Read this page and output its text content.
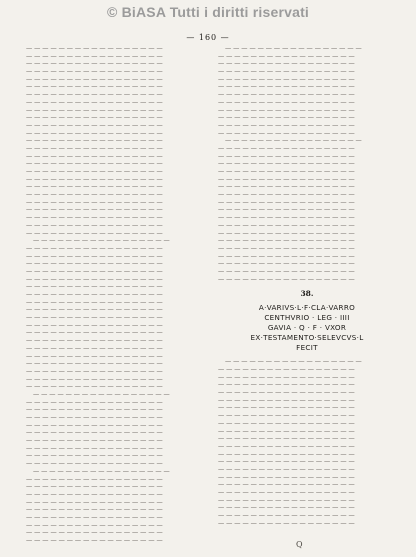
© BiASA Tutti i diritti riservati
— 160 —
— — — — — — — — — — — — — — — — —
— — — — — — — — — — — — — — — — —
— — — — — — — — — — — — — — — — —
— — — — — — — — — — — — — — — — —
— — — — — — — — — — — — — — — — —
— — — — — — — — — — — — — — — — —
— — — — — — — — — — — — — — — — —
— — — — — — — — — — — — — — — — —
— — — — — — — — — — — — — — — — —
— — — — — — — — — — — — — — — — —
— — — — — — — — — — — — — — — — —
— — — — — — — — — — — — — — — — —
— — — — — — — — — — — — — — — — —
— — — — — — — — — — — — — — — — —
— — — — — — — — — — — — — — — — —
— — — — — — — — — — — — — — — — —
— — — — — — — — — — — — — — — — —
— — — — — — — — — — — — — — — — —
— — — — — — — — — — — — — — — — —
— — — — — — — — — — — — — — — — —
— — — — — — — — — — — — — — — — —
— — — — — — — — — — — — — — — — —
— — — — — — — — — — — — — — — — —
— — — — — — — — — — — — — — — — —
— — — — — — — — — — — — — — — — —
— — — — — — — — — — — — — — — — —
— — — — — — — — — — — — — — — — —
— — — — — — — — — — — — — — — — —
— — — — — — — — — — — — — — — — —
— — — — — — — — — — — — — — — — —
— — — — — — — — — — — — — — — — —
— — — — — — — — — — — — — — — — —
— — — — — — — — — — — — — — — — —
— — — — — — — — — — — — — — — — —
— — — — — — — — — — — — — — — — —
— — — — — — — — — — — — — — — — —
— — — — — — — — — — — — — — — — —
— — — — — — — — — — — — — — — — —
— — — — — — — — — — — — — — — — —
— — — — — — — — — — — — — — — — —
— — — — — — — — — — — — — — — — —
— — — — — — — — — — — — — — — — —
— — — — — — — — — — — — — — — — —
— — — — — — — — — — — — — — — — —
— — — — — — — — — — — — — — — — —
— — — — — — — — — — — — — — — — —
— — — — — — — — — — — — — — — — —
— — — — — — — — — — — — — — — — —
— — — — — — — — — — — — — — — — —
— — — — — — — — — — — — — — — — —
— — — — — — — — — — — — — — — — —
— — — — — — — — — — — — — — — — —
— — — — — — — — — — — — — — — — —
— — — — — — — — — — — — — — — — —
— — — — — — — — — — — — — — — — —
— — — — — — — — — — — — — — — — —
— — — — — — — — — — — — — — — — —
— — — — — — — — — — — — — — — — —
— — — — — — — — — — — — — — — — —
— — — — — — — — — — — — — — — — —
— — — — — — — — — — — — — — — — —
— — — — — — — — — — — — — — — — —
— — — — — — — — — — — — — — — — —
— — — — — — — — — — — — — — — — —
— — — — — — — — — — — — — — — — —
— — — — — — — — — — — — — — — — —
— — — — — — — — — — — — — — — — —
— — — — — — — — — — — — — — — — —
— — — — — — — — — — — — — — — — —
— — — — — — — — — — — — — — — — —
— — — — — — — — — — — — — — — — —
— — — — — — — — — — — — — — — — —
— — — — — — — — — — — — — — — — —
— — — — — — — — — — — — — — — — —
— — — — — — — — — — — — — — — — —
— — — — — — — — — — — — — — — — —
— — — — — — — — — — — — — — — — —
— — — — — — — — — — — — — — — — —
— — — — — — — — — — — — — — — — —
— — — — — — — — — — — — — — — — —
— — — — — — — — — — — — — — — — —
— — — — — — — — — — — — — — — — —
— — — — — — — — — — — — — — — — —
— — — — — — — — — — — — — — — — —
— — — — — — — — — — — — — — — — —
— — — — — — — — — — — — — — — — —
— — — — — — — — — — — — — — — — —
— — — — — — — — — — — — — — — — —
— — — — — — — — — — — — — — — — —
— — — — — — — — — — — — — — — — —
— — — — — — — — — — — — — — — — —
— — — — — — — — — — — — — — — — —
— — — — — — — — — — — — — — — — —
— — — — — — — — — — — — — — — — —
— — — — — — — — — — — — — — — — —
— — — — — — — — — — — — — — — — —
38.
A·VARIVS·L·F·CLA·VARRO
CENTHVRIO · LEG · IIII
GAVIA · Q · F · VXOR
EX·TESTAMENTO·SELEVCVS·L
FECIT
— — — — — — — — — — — — — — — — —
— — — — — — — — — — — — — — — — —
— — — — — — — — — — — — — — — — —
— — — — — — — — — — — — — — — — —
— — — — — — — — — — — — — — — — —
— — — — — — — — — — — — — — — — —
— — — — — — — — — — — — — — — — —
— — — — — — — — — — — — — — — — —
— — — — — — — — — — — — — — — — —
— — — — — — — — — — — — — — — — —
— — — — — — — — — — — — — — — — —
— — — — — — — — — — — — — — — — —
— — — — — — — — — — — — — — — — —
— — — — — — — — — — — — — — — — —
— — — — — — — — — — — — — — — — —
— — — — — — — — — — — — — — — — —
— — — — — — — — — — — — — — — — —
— — — — — — — — — — — — — — — — —
— — — — — — — — — — — — — — — — —
— — — — — — — — — — — — — — — — —
— — — — — — — — — — — — — — — — —
— — — — — — — — — — — — — — — — —
Q
